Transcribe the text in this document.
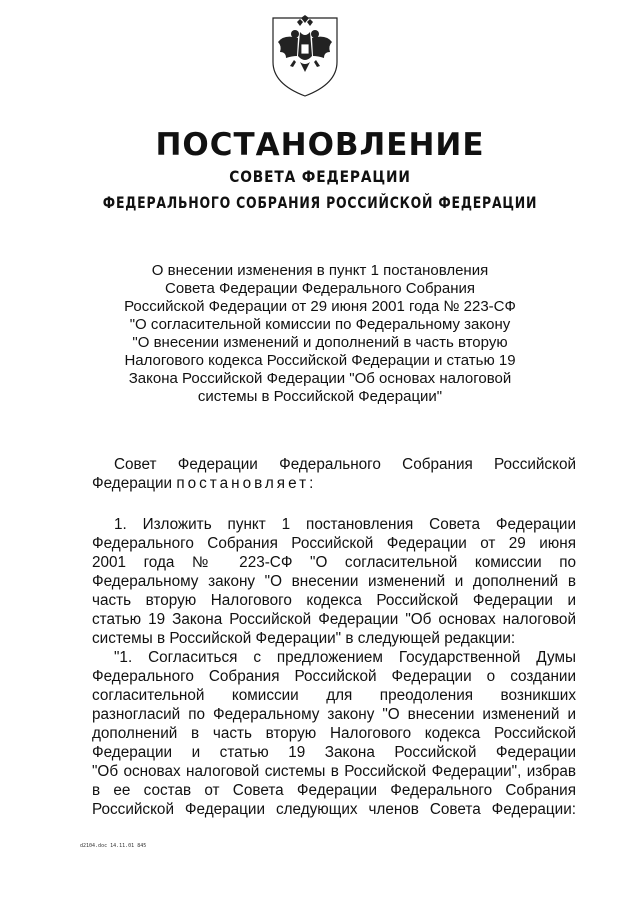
ПОСТАНОВЛЕНИЕ
СОВЕТА ФЕДЕРАЦИИ
ФЕДЕРАЛЬНОГО СОБРАНИЯ РОССИЙСКОЙ ФЕДЕРАЦИИ
О внесении изменения в пункт 1 постановления
Совета Федерации Федерального Собрания
Российской Федерации от 29 июня 2001 года № 223-СФ
"О согласительной комиссии по Федеральному закону
"О внесении изменений и дополнений в часть вторую
Налогового кодекса Российской Федерации и статью 19
Закона Российской Федерации "Об основах налоговой
системы в Российской Федерации"
Совет Федерации Федерального Собрания Российской
Федерации постановляет:
1. Изложить пункт 1 постановления Совета Федерации
Федерального Собрания Российской Федерации от 29 июня
2001 года № 223-СФ "О согласительной комиссии по
Федеральному закону "О внесении изменений и дополнений в
часть вторую Налогового кодекса Российской Федерации и
статью 19 Закона Российской Федерации "Об основах налоговой
системы в Российской Федерации" в следующей редакции:
"1. Согласиться с предложением Государственной Думы
Федерального Собрания Российской Федерации о создании
согласительной комиссии для преодоления возникших
разногласий по Федеральному закону "О внесении изменений и
дополнений в часть вторую Налогового кодекса Российской
Федерации и статью 19 Закона Российской Федерации
"Об основах налоговой системы в Российской Федерации", избрав
в ее состав от Совета Федерации Федерального Собрания
Российской Федерации следующих членов Совета Федерации:
d2104.doc 14.11.01 845
